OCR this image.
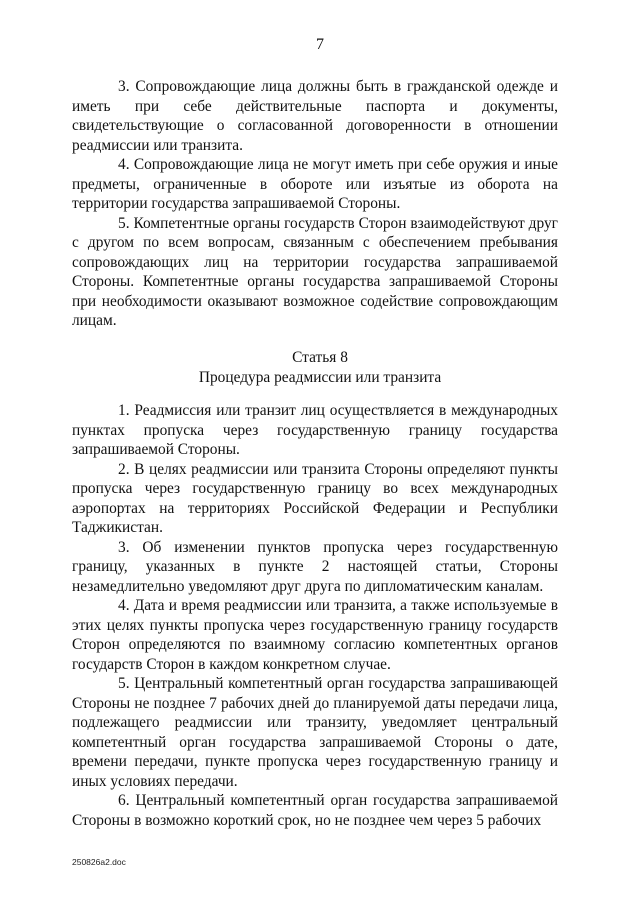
7

3. Сопровождающие лица должны быть в гражданской одежде и иметь при себе действительные паспорта и документы, свидетельствующие о согласованной договоренности в отношении реадмиссии или транзита.

4. Сопровождающие лица не могут иметь при себе оружия и иные предметы, ограниченные в обороте или изъятые из оборота на территории государства запрашиваемой Стороны.

5. Компетентные органы государств Сторон взаимодействуют друг с другом по всем вопросам, связанным с обеспечением пребывания сопровождающих лиц на территории государства запрашиваемой Стороны. Компетентные органы государства запрашиваемой Стороны при необходимости оказывают возможное содействие сопровождающим лицам.

Статья 8
Процедура реадмиссии или транзита

1. Реадмиссия или транзит лиц осуществляется в международных пунктах пропуска через государственную границу государства запрашиваемой Стороны.

2. В целях реадмиссии или транзита Стороны определяют пункты пропуска через государственную границу во всех международных аэропортах на территориях Российской Федерации и Республики Таджикистан.

3. Об изменении пунктов пропуска через государственную границу, указанных в пункте 2 настоящей статьи, Стороны незамедлительно уведомляют друг друга по дипломатическим каналам.

4. Дата и время реадмиссии или транзита, а также используемые в этих целях пункты пропуска через государственную границу государств Сторон определяются по взаимному согласию компетентных органов государств Сторон в каждом конкретном случае.

5. Центральный компетентный орган государства запрашивающей Стороны не позднее 7 рабочих дней до планируемой даты передачи лица, подлежащего реадмиссии или транзиту, уведомляет центральный компетентный орган государства запрашиваемой Стороны о дате, времени передачи, пункте пропуска через государственную границу и иных условиях передачи.

6. Центральный компетентный орган государства запрашиваемой Стороны в возможно короткий срок, но не позднее чем через 5 рабочих

250826a2.doc
